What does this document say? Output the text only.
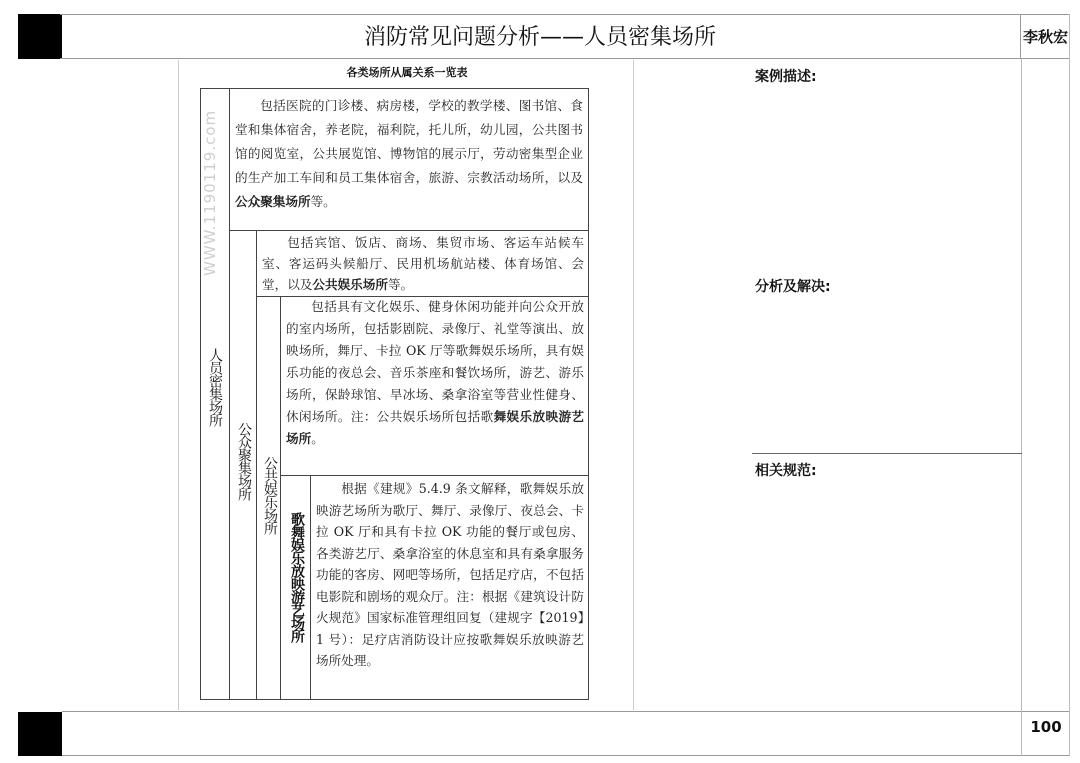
消防常见问题分析——人员密集场所	李秋宏
案例描述:
分析及解决:
相关规范:
100
各类场所从属关系一览表
WWW.1190119.com
人员密集场所
公众聚集场所 公共娱乐场所
歌舞娱乐放映游艺场所
包括医院的门诊楼、病房楼，学校的教学楼、图书馆、食堂和集体宿舍，养老院，福利院，托儿所，幼儿园，公共图书馆的阅览室，公共展览馆、博物馆的展示厅，劳动密集型企业的生产加工车间和员工集体宿舍，旅游、宗教活动场所，以及公众聚集场所等。
包括宾馆、饭店、商场、集贸市场、客运车站候车室、客运码头候船厅、民用机场航站楼、体育场馆、会堂，以及公共娱乐场所等。
包括具有文化娱乐、健身休闲功能并向公众开放的室内场所，包括影剧院、录像厅、礼堂等演出、放映场所，舞厅、卡拉 OK 厅等歌舞娱乐场所，具有娱乐功能的夜总会、音乐茶座和餐饮场所，游艺、游乐场所，保龄球馆、旱冰场、桑拿浴室等营业性健身、休闲场所。注：公共娱乐场所包括歌舞娱乐放映游艺场所。
根据《建规》5.4.9 条文解释，歌舞娱乐放映游艺场所为歌厅、舞厅、录像厅、夜总会、卡拉 OK 厅和具有卡拉 OK 功能的餐厅或包房、各类游艺厅、桑拿浴室的休息室和具有桑拿服务功能的客房、网吧等场所，包括足疗店，不包括电影院和剧场的观众厅。注：根据《建筑设计防火规范》国家标准管理组回复（建规字【2019】1 号）：足疗店消防设计应按歌舞娱乐放映游艺场所处理。
